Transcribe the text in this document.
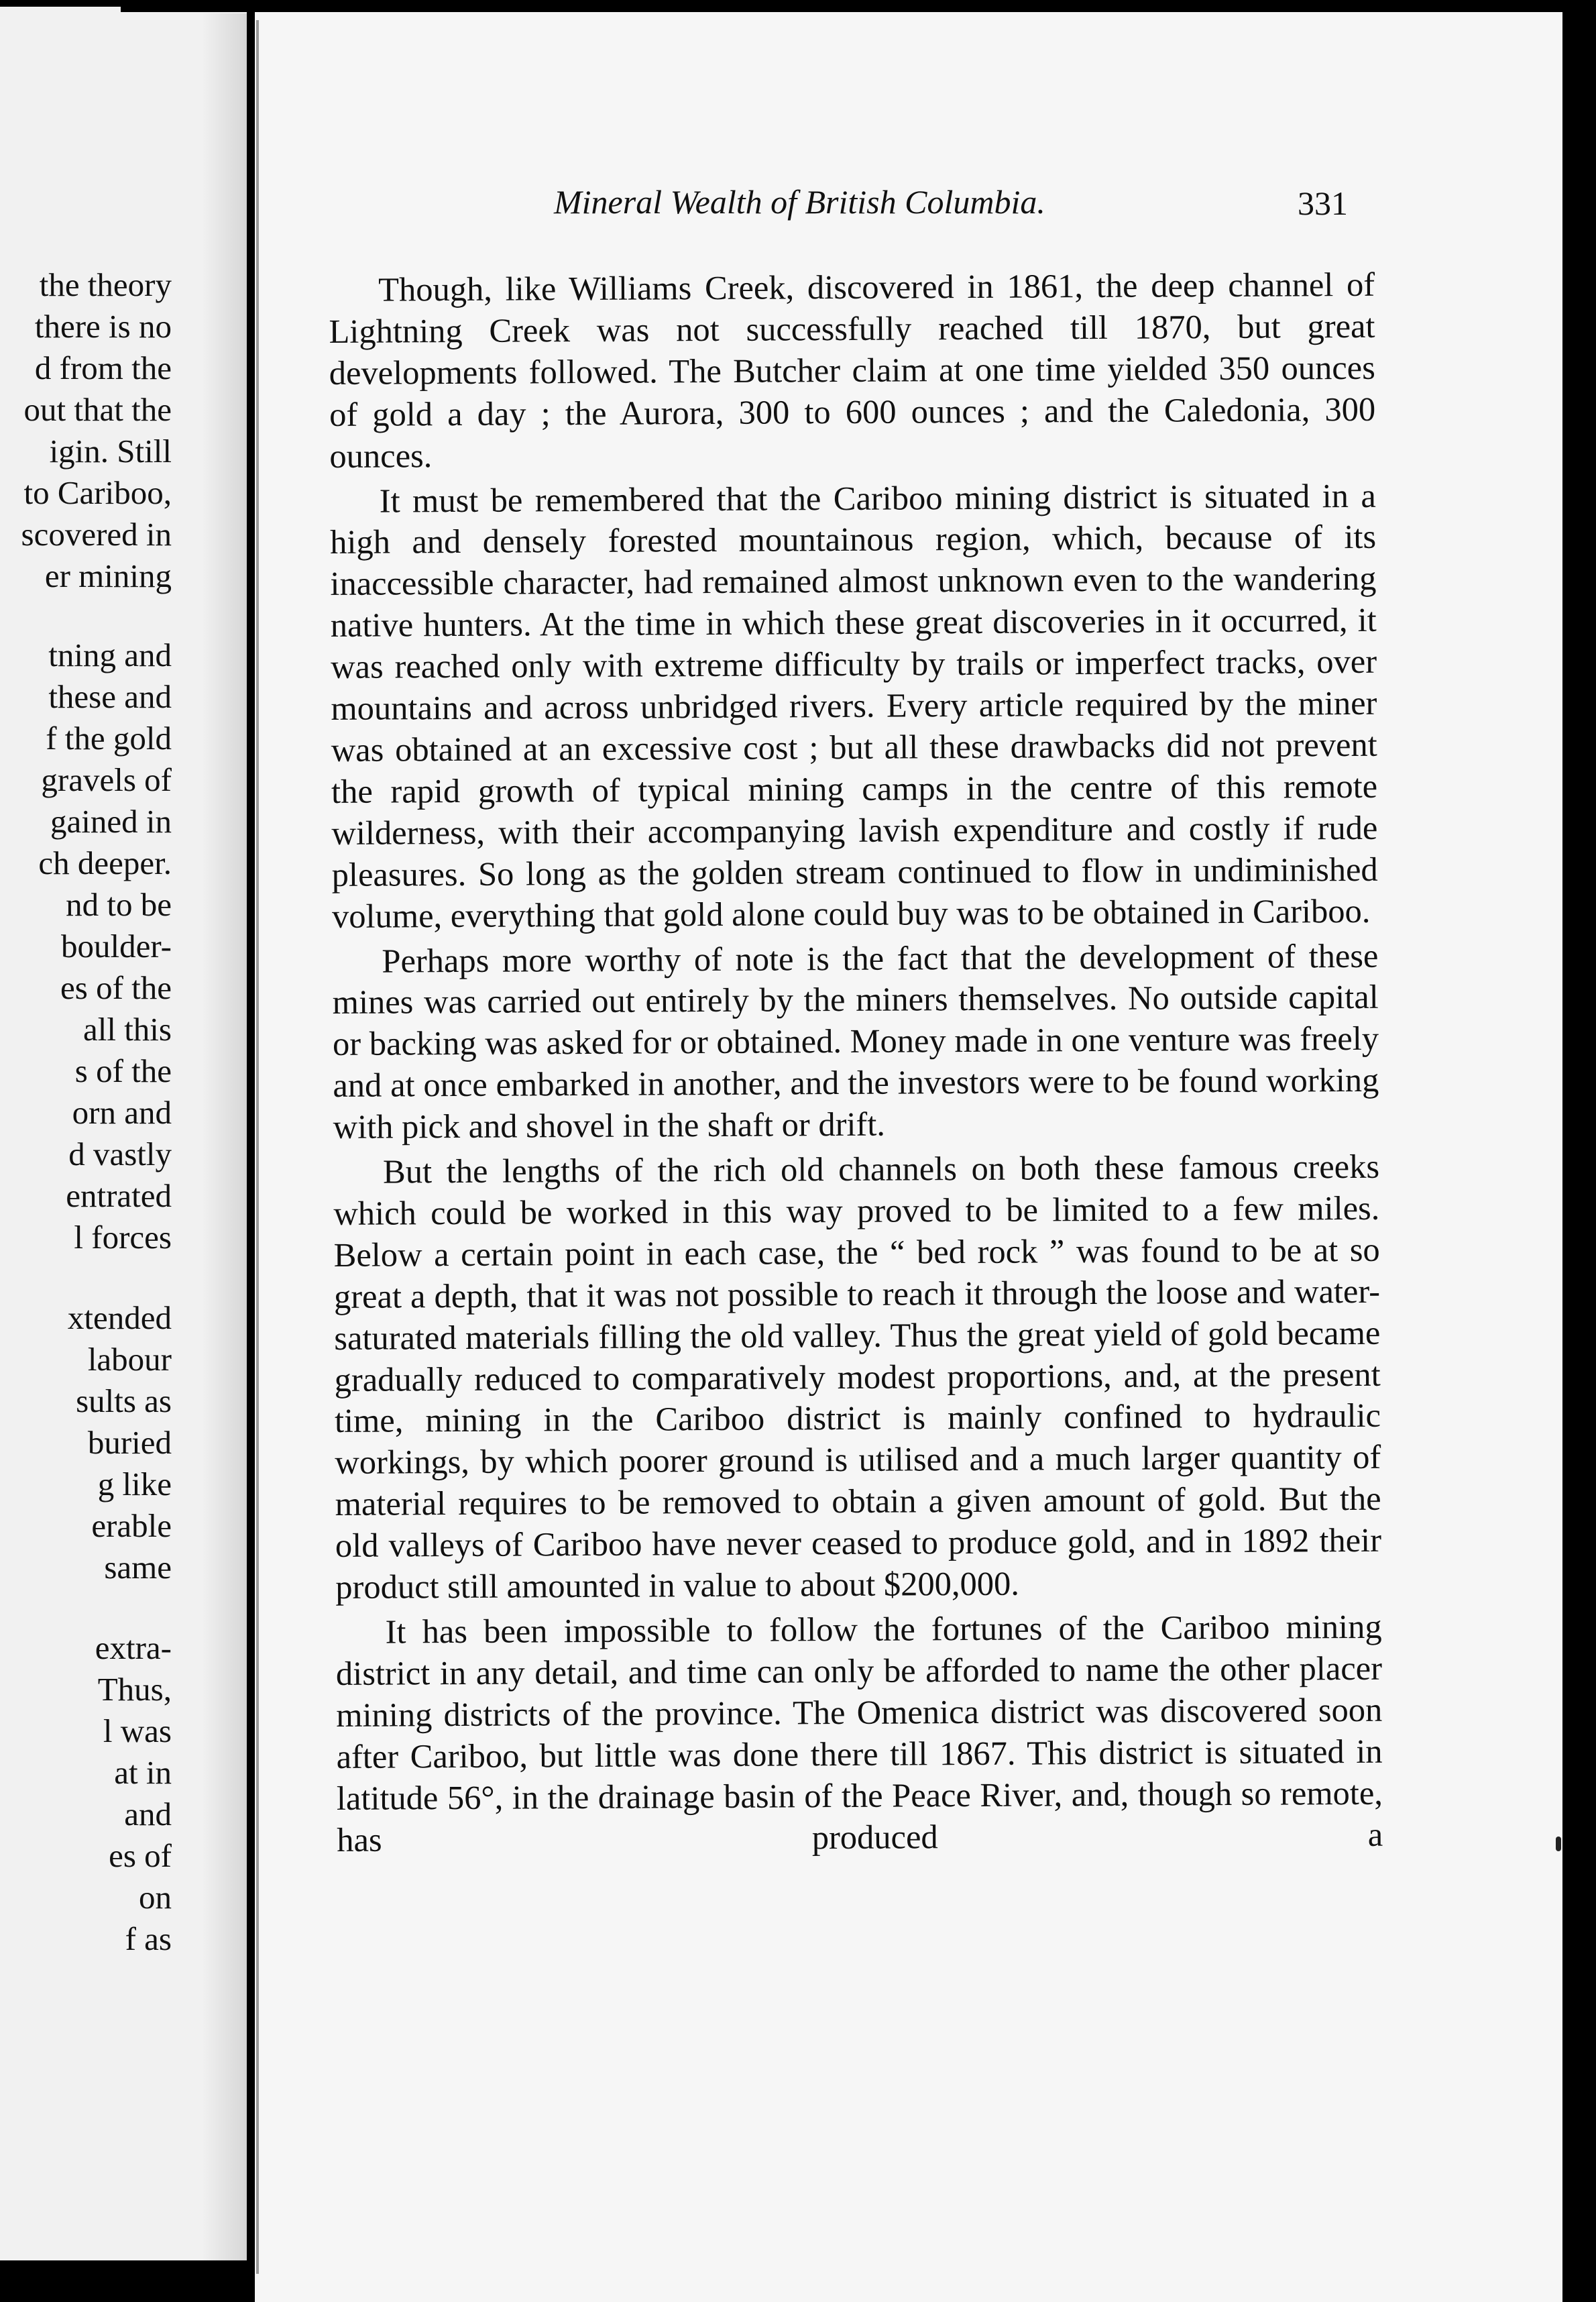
the theory
there is no
d from the
out that the
igin. Still
to Cariboo,
scovered in
er mining
tning and
these and
f the gold
gravels of
gained in
ch deeper.
nd to be
boulder-
es of the
all this
s of the
orn and
d vastly
entrated
l forces
xtended
labour
sults as
buried
g like
erable
same
extra-
Thus,
l was
at in
and
es of
on
f as
Mineral Wealth of British Columbia.	331

Though, like Williams Creek, discovered in 1861, the deep channel of Lightning Creek was not successfully reached till 1870, but great developments followed. The Butcher claim at one time yielded 350 ounces of gold a day ; the Aurora, 300 to 600 ounces ; and the Caledonia, 300 ounces.

It must be remembered that the Cariboo mining district is situated in a high and densely forested mountainous region, which, because of its inaccessible character, had remained almost unknown even to the wandering native hunters. At the time in which these great discoveries in it occurred, it was reached only with extreme difficulty by trails or imperfect tracks, over mountains and across unbridged rivers. Every article required by the miner was obtained at an excessive cost ; but all these drawbacks did not prevent the rapid growth of typical mining camps in the centre of this remote wilderness, with their accompanying lavish expenditure and costly if rude pleasures. So long as the golden stream continued to flow in undiminished volume, everything that gold alone could buy was to be obtained in Cariboo.

Perhaps more worthy of note is the fact that the development of these mines was carried out entirely by the miners themselves. No outside capital or backing was asked for or obtained. Money made in one venture was freely and at once embarked in another, and the investors were to be found working with pick and shovel in the shaft or drift.

But the lengths of the rich old channels on both these famous creeks which could be worked in this way proved to be limited to a few miles. Below a certain point in each case, the “ bed rock ” was found to be at so great a depth, that it was not possible to reach it through the loose and water-saturated materials filling the old valley. Thus the great yield of gold became gradually reduced to comparatively modest proportions, and, at the present time, mining in the Cariboo district is mainly confined to hydraulic workings, by which poorer ground is utilised and a much larger quantity of material requires to be removed to obtain a given amount of gold. But the old valleys of Cariboo have never ceased to produce gold, and in 1892 their product still amounted in value to about $200,000.

It has been impossible to follow the fortunes of the Cariboo mining district in any detail, and time can only be afforded to name the other placer mining districts of the province. The Omenica district was discovered soon after Cariboo, but little was done there till 1867. This district is situated in latitude 56°, in the drainage basin of the Peace River, and, though so remote, has produced a
